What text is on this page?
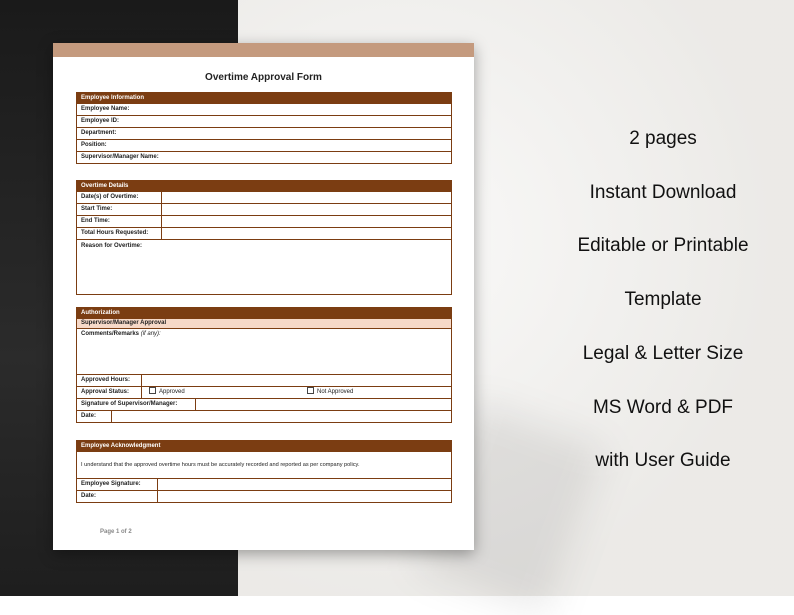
Overtime Approval Form
Employee Information
Employee Name:
Employee ID:
Department:
Position:
Supervisor/Manager Name:
Overtime Details
Date(s) of Overtime:
Start Time:
End Time:
Total Hours Requested:
Reason for Overtime:
Authorization
Supervisor/Manager Approval
Comments/Remarks (if any):
Approved Hours:
Approval Status:	Approved	Not Approved
Signature of Supervisor/Manager:
Date:
Employee Acknowledgment
I understand that the approved overtime hours must be accurately recorded and reported as per company policy.
Employee Signature:
Date:
Page 1 of 2
2 pages
Instant Download
Editable or Printable
Template
Legal & Letter Size
MS Word & PDF
with User Guide
